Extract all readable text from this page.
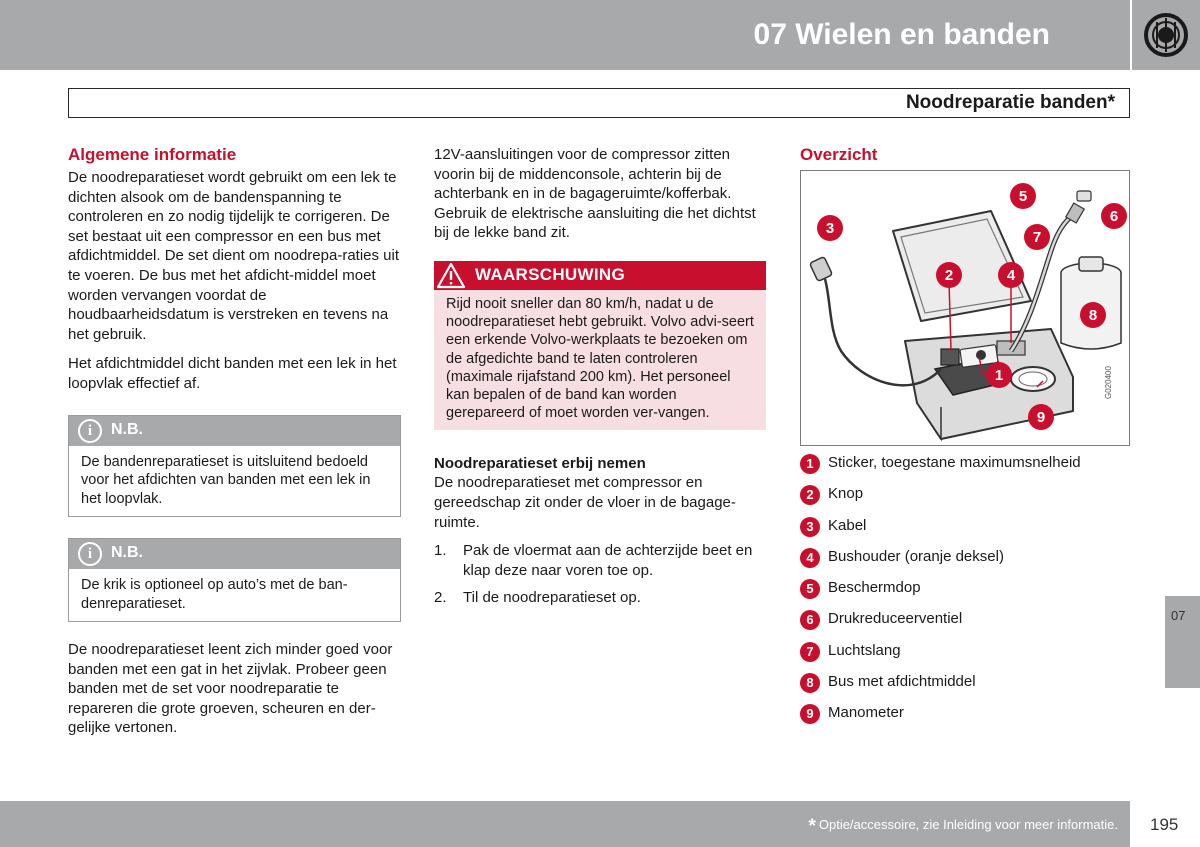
07 Wielen en banden
Noodreparatie banden*
Algemene informatie

De noodreparatieset wordt gebruikt om een lek te dichten alsook om de bandenspanning te controleren en zo nodig tijdelijk te corrigeren. De set bestaat uit een compressor en een bus met afdichtmiddel. De set dient om noodrepa-raties uit te voeren. De bus met het afdicht-middel moet worden vervangen voordat de houdbaarheidsdatum is verstreken en tevens na het gebruik.

Het afdichtmiddel dicht banden met een lek in het loopvlak effectief af.

i	N.B.
De bandenreparatieset is uitsluitend bedoeld voor het afdichten van banden met een lek in het loopvlak.
i	N.B.
De krik is optioneel op auto’s met de ban-denreparatieset.

De noodreparatieset leent zich minder goed voor banden met een gat in het zijvlak. Probeer geen banden met de set voor noodreparatie te repareren die grote groeven, scheuren en der-gelijke vertonen.

12V-aansluitingen voor de compressor zitten voorin bij de middenconsole, achterin bij de achterbank en in de bagageruimte/kofferbak. Gebruik de elektrische aansluiting die het dichtst bij de lekke band zit.

WAARSCHUWING
Rijd nooit sneller dan 80 km/h, nadat u de noodreparatieset hebt gebruikt. Volvo advi-seert een erkende Volvo-werkplaats te bezoeken om de afgedichte band te laten controleren (maximale rijafstand 200 km). Het personeel kan bepalen of de band kan worden gerepareerd of moet worden ver-vangen.
Noodreparatieset erbij nemen

De noodreparatieset met compressor en gereedschap zit onder de vloer in de bagage-ruimte.

1. Pak de vloermat aan de achterzijde beet en klap deze naar voren toe op.
2. Til de noodreparatieset op.
Overzicht
1
2
3
4
5
6
7
8
9
G020400
1 Sticker, toegestane maximumsnelheid
2 Knop
3 Kabel
4 Bushouder (oranje deksel)
5 Beschermdop
6 Drukreduceerventiel
7 Luchtslang
8 Bus met afdichtmiddel
9 Manometer
07
* Optie/accessoire, zie Inleiding voor meer informatie. 195
